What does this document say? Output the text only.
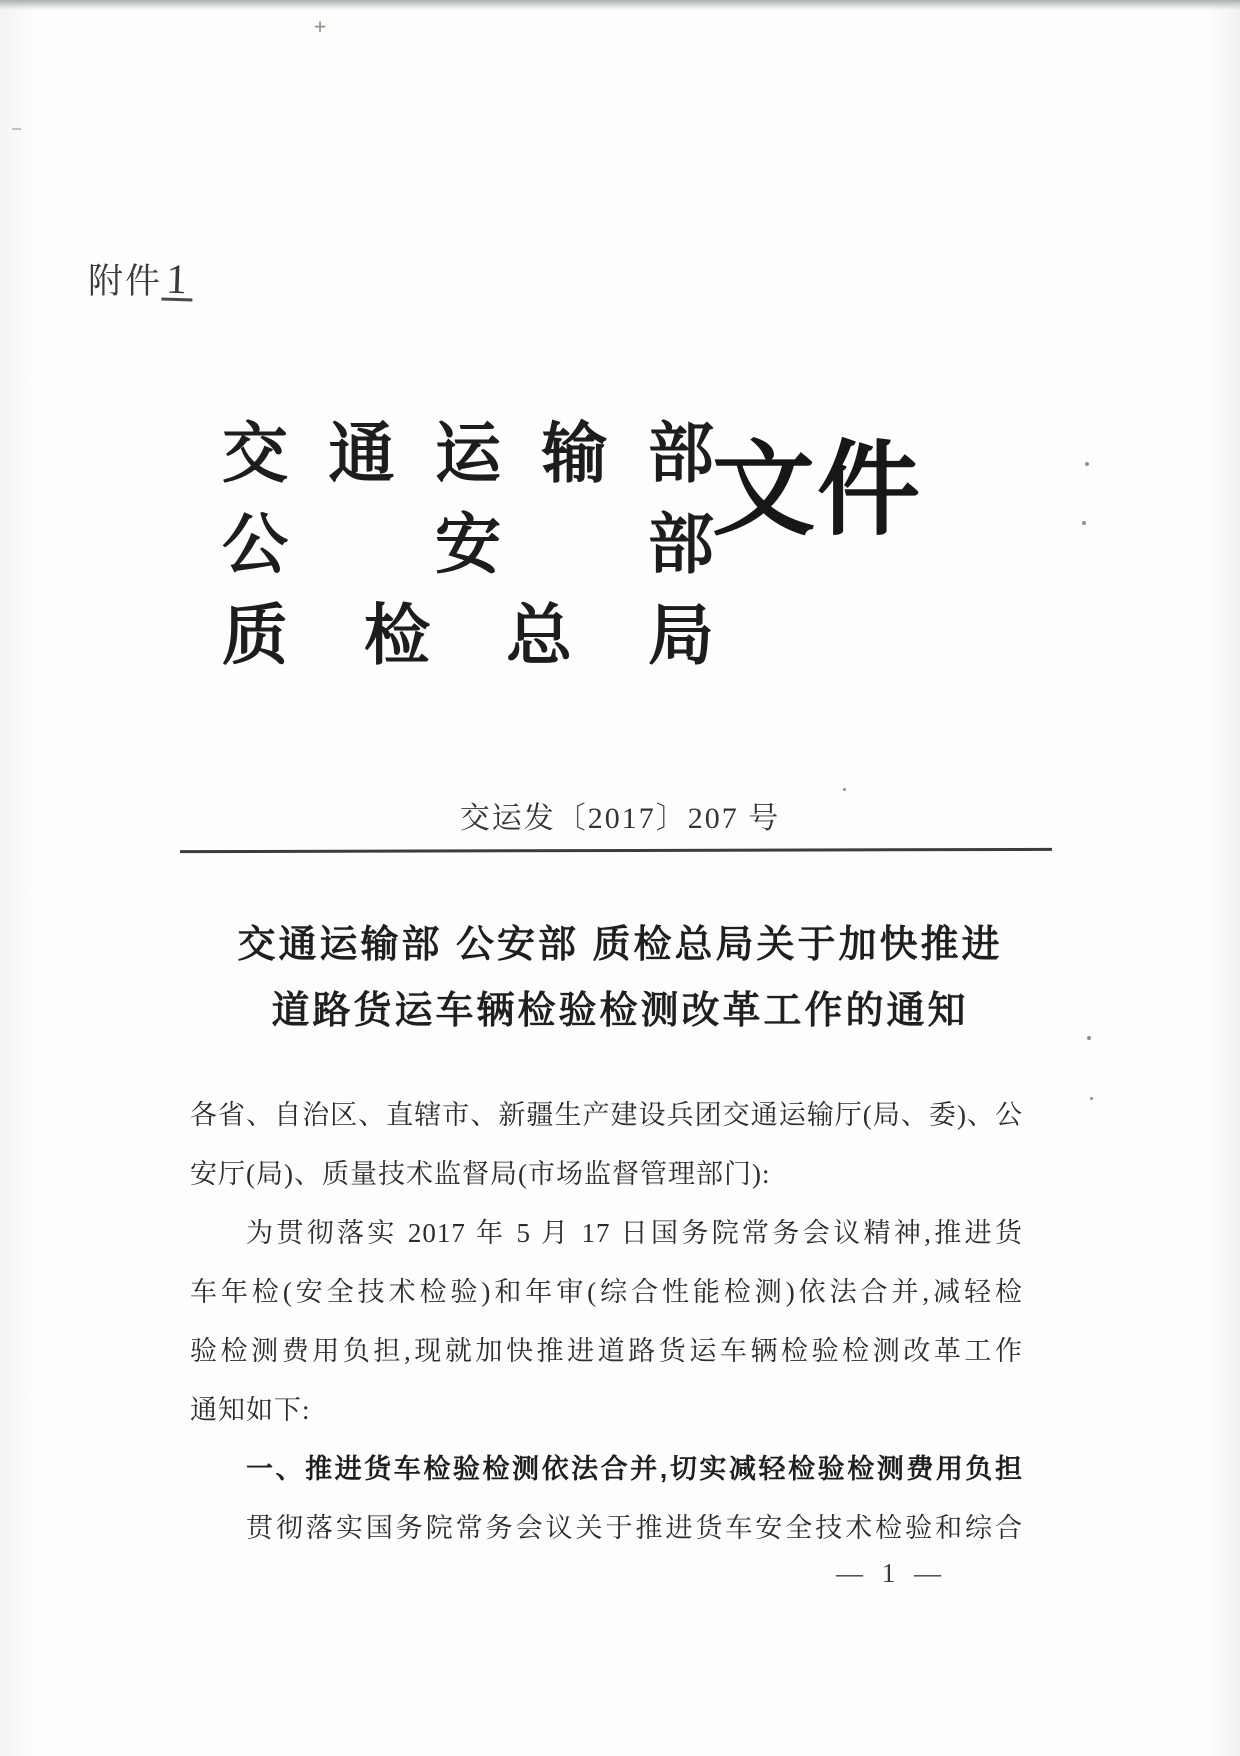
+
附件1
交 通 运 输 部
公 安 部
质 检 总 局
文件
交运发〔2017〕207 号
交通运输部 公安部 质检总局关于加快推进
道路货运车辆检验检测改革工作的通知

各省、自治区、直辖市、新疆生产建设兵团交通运输厅(局、委)、公

安厅(局)、质量技术监督局(市场监督管理部门):

为贯彻落实 2017 年 5 月 17 日国务院常务会议精神,推进货

车年检(安全技术检验)和年审(综合性能检测)依法合并,减轻检

验检测费用负担,现就加快推进道路货运车辆检验检测改革工作

通知如下:

一、推进货车检验检测依法合并,切实减轻检验检测费用负担

贯彻落实国务院常务会议关于推进货车安全技术检验和综合

— 1 —
